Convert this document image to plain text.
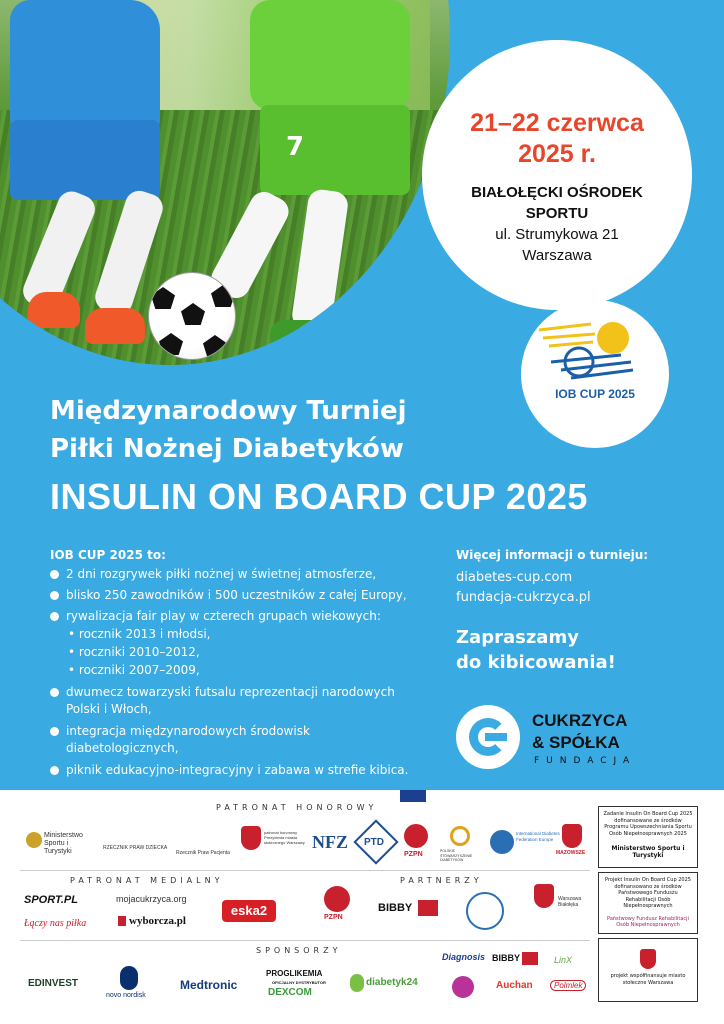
7
21–22 czerwca
2025 r.
BIAŁOŁĘCKI OŚRODEK
SPORTU
ul. Strumykowa 21
Warszawa
IOB CUP 2025
Międzynarodowy Turniej
Piłki Nożnej Diabetyków
INSULIN ON BOARD CUP 2025
IOB CUP 2025 to:
2 dni rozgrywek piłki nożnej w świetnej atmosferze,
blisko 250 zawodników i 500 uczestników z całej Europy,
rywalizacja fair play w czterech grupach wiekowych:
• rocznik 2013 i młodsi,
• roczniki 2010–2012,
• roczniki 2007–2009,
dwumecz towarzyski futsalu reprezentacji narodowych
Polski i Włoch,
integracja międzynarodowych środowisk
diabetologicznych,
piknik edukacyjno-integracyjny i zabawa w strefie kibica.
Więcej informacji o turnieju:
diabetes-cup.com
fundacja-cukrzyca.pl
Zapraszamy
do kibicowania!
CUKRZYCA
& SPÓŁKA
FUNDACJA
PATRONAT HONOROWY
Ministerstwo Sportu i Turystyki	RZECZNIK PRAW DZIECKA
Rzecznik Praw Pacjenta
patronat honorowy Prezydenta miasta stołecznego Warszawy NFZ PTD
PZPN	POLSKIE STOWARZYSZENIE DIABETYKÓW
International Diabetes Federation Europe
MAZOWSZE
PATRONAT MEDIALNY	PARTNERZY
SPORT.PL
Łączy nas piłka
mojacukrzyca.org
wyborcza.pl
eska2	PZPN
BIBBY
Warszawa Białołęka
SPONSORZY
EDINVEST
novo nordisk
Medtronic
PROGLIKEMIA
OFICJALNY DYSTRYBUTOR
DEXCOM
diabetyk24
Diagnosis BIBBY	LinX
Auchan	Polmlek
Zadanie Insulin On Board Cup 2025 dofinansowane ze środków Programu Upowszechniania Sportu Osób Niepełnosprawnych 2025
Ministerstwo Sportu i Turystyki
Projekt Insulin On Board Cup 2025 dofinansowano ze środków Państwowego Funduszu Rehabilitacji Osób Niepełnosprawnych
Państwowy Fundusz Rehabilitacji Osób Niepełnosprawnych
projekt współfinansuje miasto stołeczne Warszawa
